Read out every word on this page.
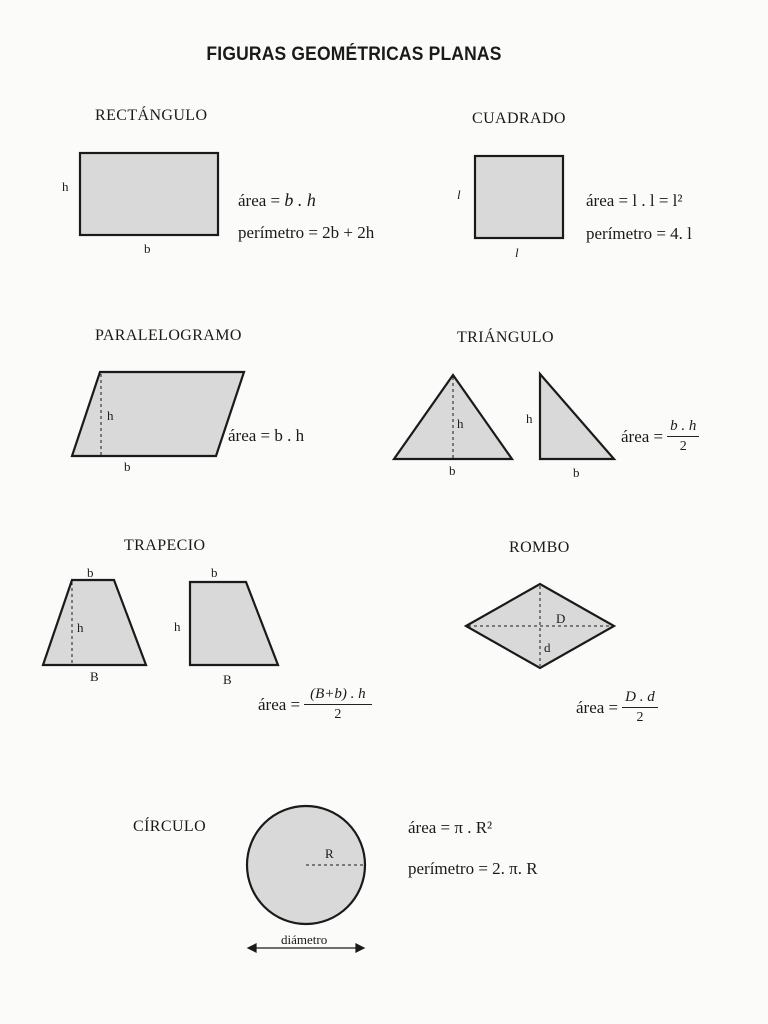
FIGURAS GEOMÉTRICAS PLANAS
RECTÁNGULO
h
b
área = b . h
perímetro = 2b + 2h
CUADRADO
l
l
área = l . l = l²
perímetro = 4. l
PARALELOGRAMO
h
b
área = b . h
TRIÁNGULO
h
b
h
b
área = $\frac{b . h}{2}$
TRAPECIO
b
h
B
b
h
B
área = $\frac{(B+b) . h}{2}$
ROMBO
D
d
área = $\frac{D . d}{2}$
CÍRCULO
R
diámetro
área = π . R²
perímetro = 2. π. R
